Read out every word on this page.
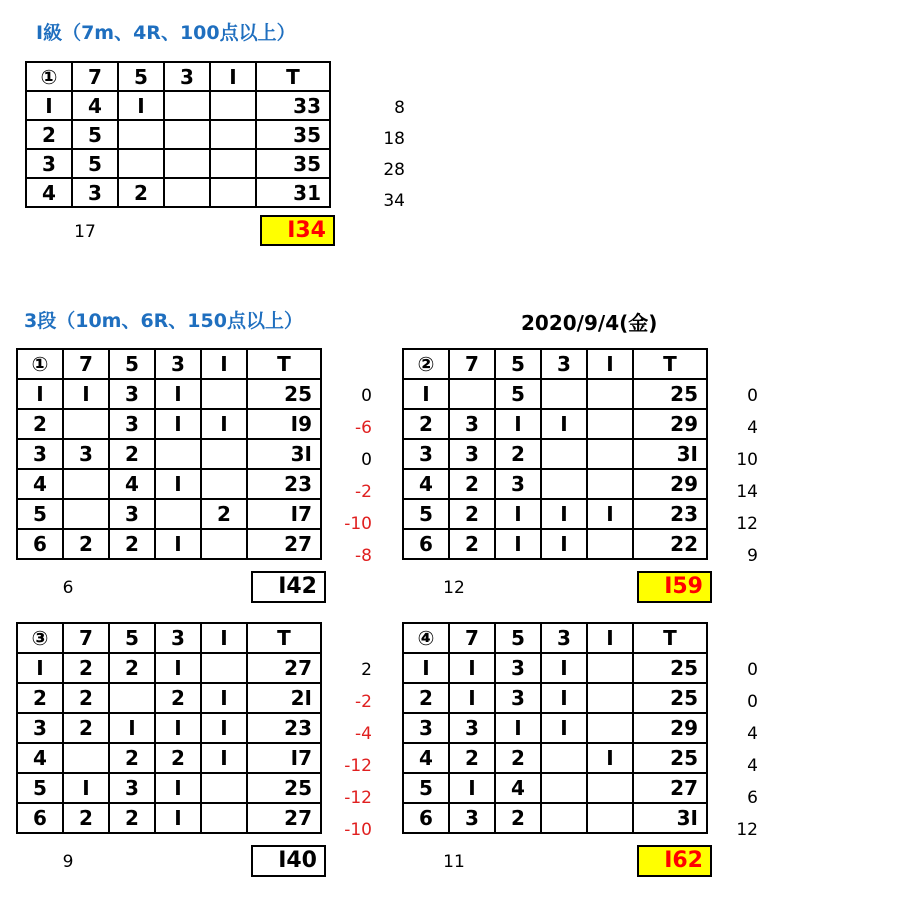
Ⅰ級（7m、4R、100点以上）
3段（10m、6R、150点以上）	2020/9/4(金)
①	7	5	3	Ⅰ	T
Ⅰ	4	Ⅰ			33
2	5				35
3	5				35
4	3	2			31
8
18
28
34
17	Ⅰ34
①	7	5	3	Ⅰ	T
Ⅰ	Ⅰ	3	Ⅰ		25
2		3	Ⅰ	Ⅰ	Ⅰ9
3	3	2			3Ⅰ
4		4	Ⅰ		23
5		3		2	Ⅰ7
6	2	2	Ⅰ		27
0
-6
0
-2
-10
-8
6	Ⅰ42
②	7	5	3	Ⅰ	T
Ⅰ		5			25
2	3	Ⅰ	Ⅰ		29
3	3	2			3Ⅰ
4	2	3			29
5	2	Ⅰ	Ⅰ	Ⅰ	23
6	2	Ⅰ	Ⅰ		22
0
4
10
14
12
9
12	Ⅰ59
③	7	5	3	Ⅰ	T
Ⅰ	2	2	Ⅰ		27
2	2		2	Ⅰ	2Ⅰ
3	2	Ⅰ	Ⅰ	Ⅰ	23
4		2	2	Ⅰ	Ⅰ7
5	Ⅰ	3	Ⅰ		25
6	2	2	Ⅰ		27
2
-2
-4
-12
-12
-10
9	Ⅰ40
④	7	5	3	Ⅰ	T
Ⅰ	Ⅰ	3	Ⅰ		25
2	Ⅰ	3	Ⅰ		25
3	3	Ⅰ	Ⅰ		29
4	2	2		Ⅰ	25
5	Ⅰ	4			27
6	3	2			3Ⅰ
0
0
4
4
6
12
11	Ⅰ62
